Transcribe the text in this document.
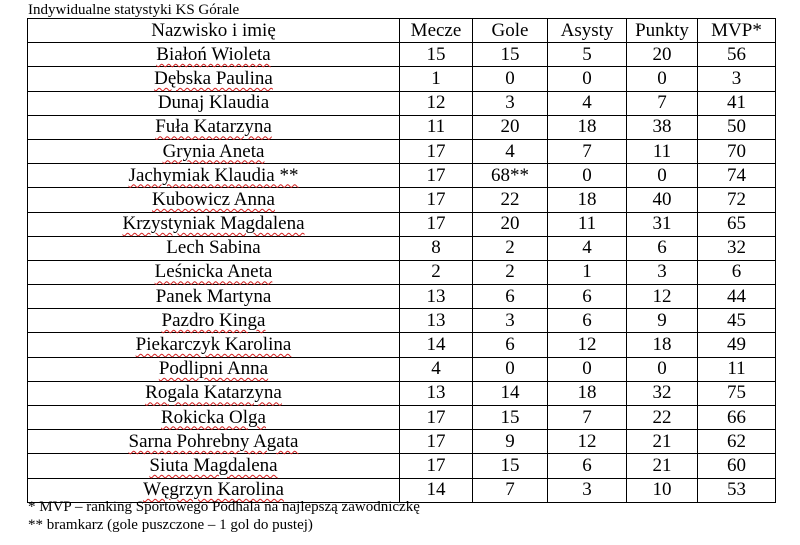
Indywidualne statystyki KS Górale
Nazwisko i imię	Mecze	Gole	Asysty	Punkty	MVP*
Białoń Wioleta	15	15	5	20	56
Dębska Paulina	1	0	0	0	3
Dunaj Klaudia	12	3	4	7	41
Fuła Katarzyna	11	20	18	38	50
Grynia Aneta	17	4	7	11	70
Jachymiak Klaudia **	17	68**	0	0	74
Kubowicz Anna	17	22	18	40	72
Krzystyniak Magdalena	17	20	11	31	65
Lech Sabina	8	2	4	6	32
Leśnicka Aneta	2	2	1	3	6
Panek Martyna	13	6	6	12	44
Pazdro Kinga	13	3	6	9	45
Piekarczyk Karolina	14	6	12	18	49
Podlipni Anna	4	0	0	0	11
Rogala Katarzyna	13	14	18	32	75
Rokicka Olga	17	15	7	22	66
Sarna Pohrebny Agata	17	9	12	21	62
Siuta Magdalena	17	15	6	21	60
Węgrzyn Karolina	14	7	3	10	53
* MVP – ranking Sportowego Podhala na najlepszą zawodniczkę
** bramkarz (gole puszczone – 1 gol do pustej)
